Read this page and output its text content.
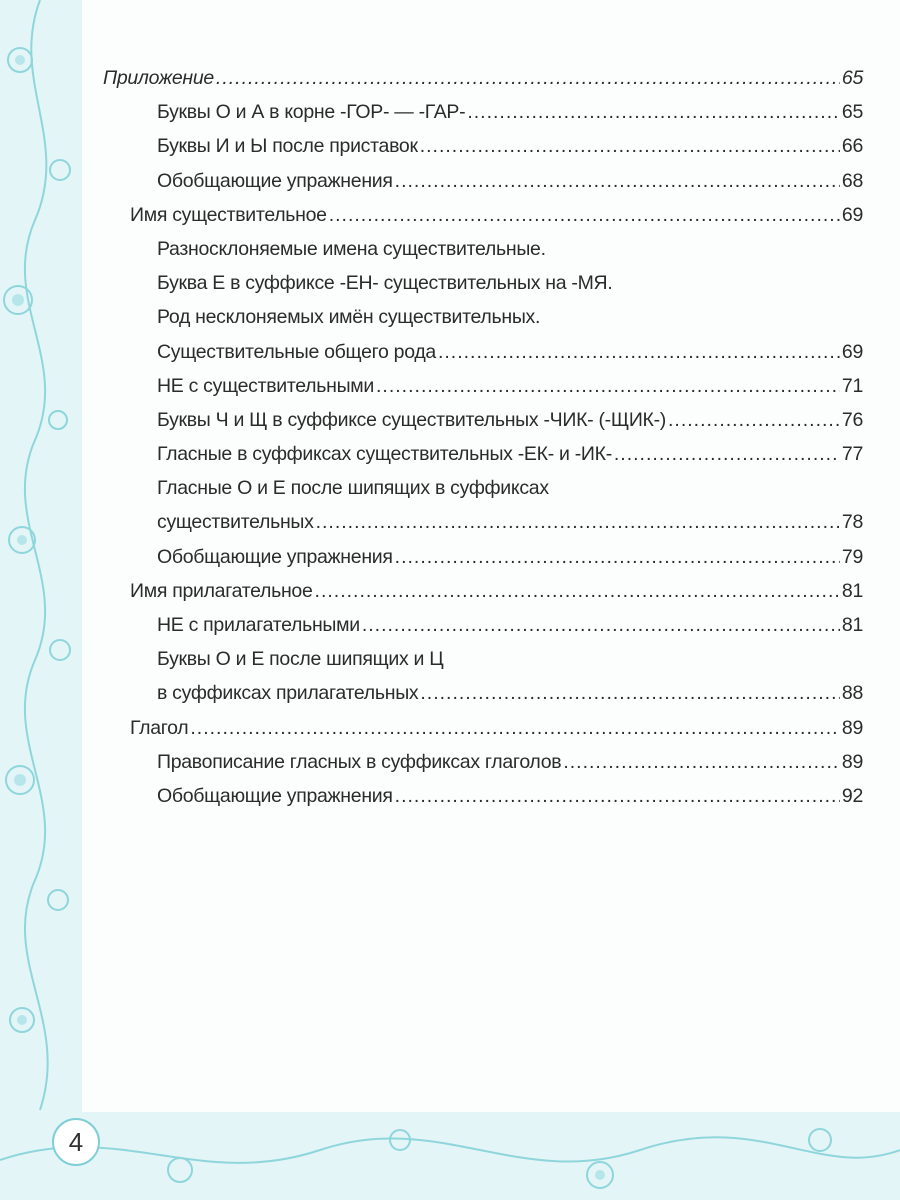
Приложение .....	65
Буквы О и А в корне -ГОР- — -ГАР- .....	65
Буквы И и Ы после приставок .....	66
Обобщающие упражнения .....	68
Имя существительное .....	69
Разносклоняемые имена существительные.
Буква Е в суффиксе -ЕН- существительных на -МЯ.
Род несклоняемых имён существительных.
Существительные общего рода .....	69
НЕ с существительными .....	71
Буквы Ч и Щ в суффиксе существительных -ЧИК- (-ЩИК-) .....	76
Гласные в суффиксах существительных -ЕК- и -ИК- .....	77
Гласные О и Е после шипящих в суффиксах
существительных .....	78
Обобщающие упражнения .....	79
Имя прилагательное .....	81
НЕ с прилагательными .....	81
Буквы О и Е после шипящих и Ц
в суффиксах прилагательных .....	88
Глагол .....	89
Правописание гласных в суффиксах глаголов .....	89
Обобщающие упражнения .....	92
4
